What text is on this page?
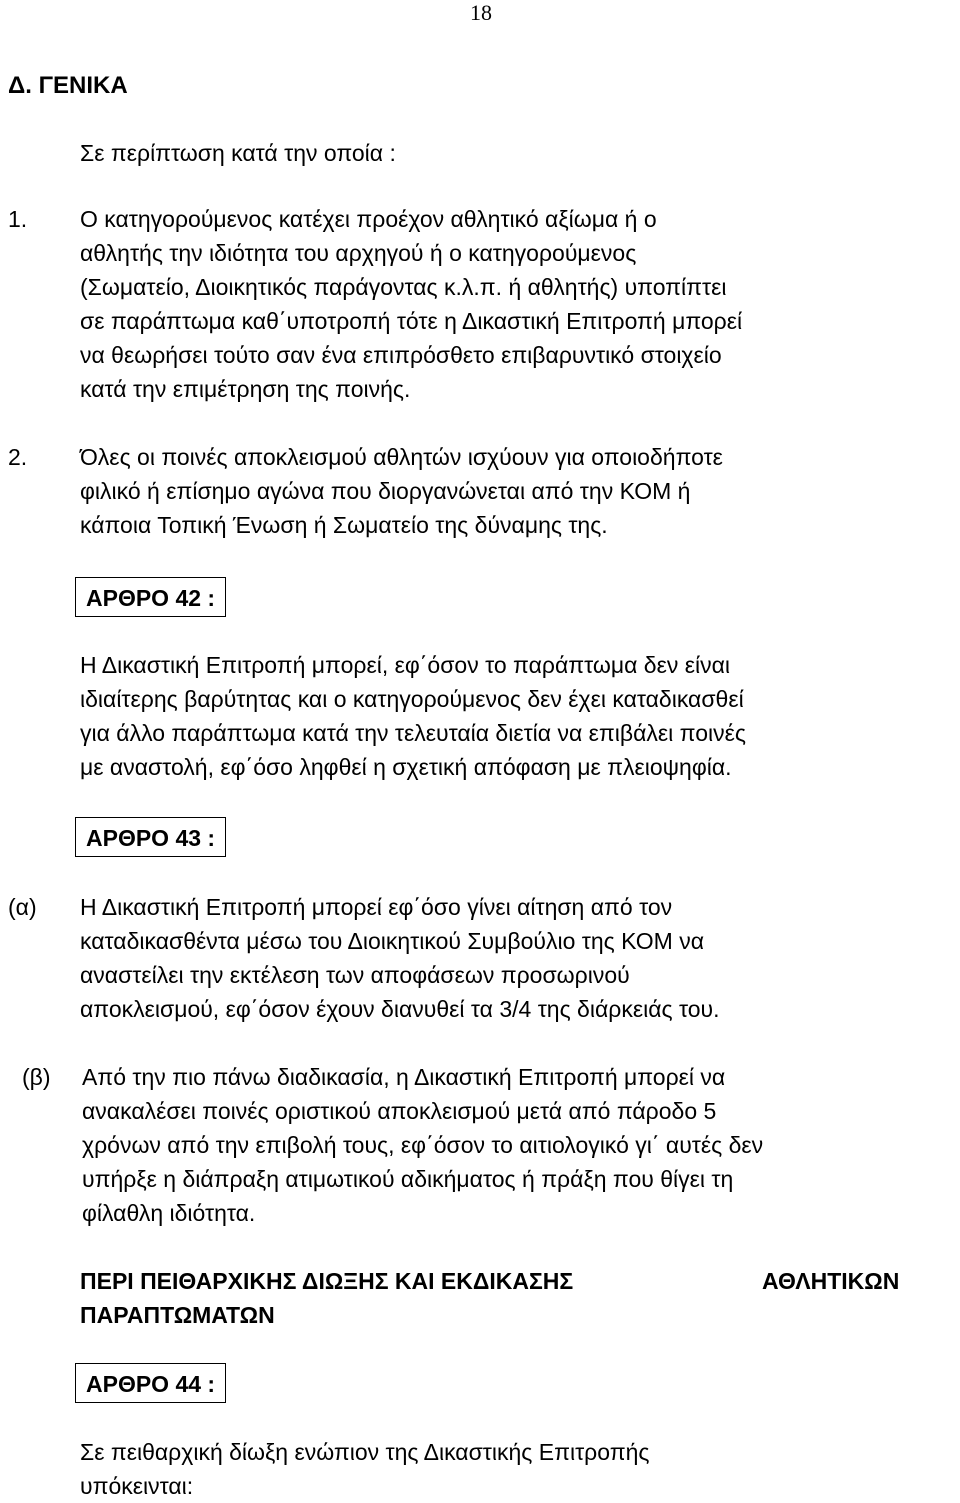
18
Δ. ΓΕΝΙΚΑ
Σε περίπτωση κατά την οποία :
1. Ο κατηγορούμενος κατέχει προέχον αθλητικό αξίωμα ή ο
αθλητής την ιδιότητα του αρχηγού ή ο κατηγορούμενος
(Σωματείο, Διοικητικός παράγοντας κ.λ.π. ή αθλητής) υποπίπτει
σε παράπτωμα καθ΄υποτροπή τότε η Δικαστική Επιτροπή μπορεί
να θεωρήσει τούτο σαν ένα επιπρόσθετο επιβαρυντικό στοιχείο
κατά την επιμέτρηση της ποινής.
2. Όλες οι ποινές αποκλεισμού αθλητών ισχύουν για οποιοδήποτε
φιλικό ή επίσημο αγώνα που διοργανώνεται από την ΚΟΜ ή
κάποια Τοπική Ένωση ή Σωματείο της δύναμης της.
ΑΡΘΡΟ 42 :
Η Δικαστική Επιτροπή μπορεί, εφ΄όσον το παράπτωμα δεν είναι
ιδιαίτερης βαρύτητας και ο κατηγορούμενος δεν έχει καταδικασθεί
για άλλο παράπτωμα κατά την τελευταία διετία να επιβάλει ποινές
με αναστολή, εφ΄όσο ληφθεί η σχετική απόφαση με πλειοψηφία.
ΑΡΘΡΟ 43 :
(α) Η Δικαστική Επιτροπή μπορεί εφ΄όσο γίνει αίτηση από τον
καταδικασθέντα μέσω του Διοικητικού Συμβούλιο της ΚΟΜ να
αναστείλει την εκτέλεση των αποφάσεων προσωρινού
αποκλεισμού, εφ΄όσον έχουν διανυθεί τα 3/4 της διάρκειάς του.
(β) Από την πιο πάνω διαδικασία, η Δικαστική Επιτροπή μπορεί να
ανακαλέσει ποινές οριστικού αποκλεισμού μετά από πάροδο 5
χρόνων από την επιβολή τους, εφ΄όσον το αιτιολογικό γι΄ αυτές δεν
υπήρξε η διάπραξη ατιμωτικού αδικήματος ή πράξη που θίγει τη
φίλαθλη ιδιότητα.
ΠΕΡΙ ΠΕΙΘΑΡΧΙΚΗΣ ΔΙΩΞΗΣ ΚΑΙ ΕΚΔΙΚΑΣΗΣ	ΑΘΛΗΤΙΚΩΝ
ΠΑΡΑΠΤΩΜΑΤΩΝ
ΑΡΘΡΟ 44 :
Σε πειθαρχική δίωξη ενώπιον της Δικαστικής Επιτροπής
υπόκεινται:
